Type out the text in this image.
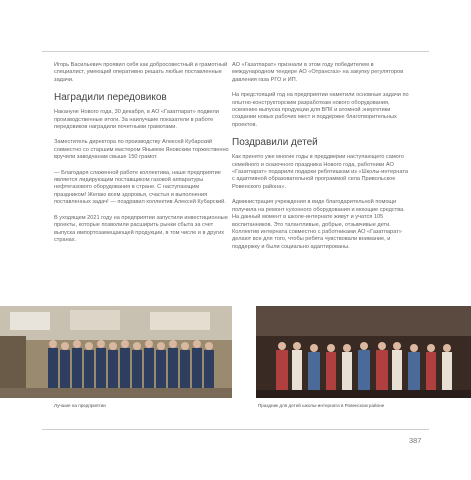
Игорь Васильевич проявил себя как добросовестный и грамотный специалист, умеющий оперативно решать любые поставленные задачи.

Наградили передовиков

Накануне Нового года, 30 декабря, в АО «Газатпарат» подвели производственные итоги. За наилучшие показатели в работе передовиков наградили почетными грамотами.

Заместитель директора по производству Алексей Кубарский совместно со старшим мастером Янымом Яновским торжественно вручили заводчанам свыше 150 грамот.

— Благодаря слаженной работе коллектива, наше предприятие является лидирующим поставщиком газовой аппаратуры нефтегазового оборудования в стране. С наступающим праздником! Желаю всем здоровья, счастья и выполнения поставленных задач! — поздравил коллектив Алексей Кубарский.

В уходящем 2021 году на предприятии запустили инвестиционные проекты, которые позволили расширить рынки сбыта за счет выпуска импортозамещающей продукции, в том числе и в других странах.

АО «Газатпарат» признали в этом году победителем в международном тендере АО «Отрансгаз» на закупку регуляторов давления газа РГО и ИП.

На предстоящий год на предприятии наметили основные задачи по опытно-конструкторским разработкам нового оборудования, освоению выпуска продукции для ВПК и атомной энергетики создании новых рабочих мест и поддержке благотворительных проектов.

Поздравили детей

Как принято уже многие годы в преддверии наступающего самого семейного и сказочного праздника Нового года, работники АО «Газатпарат» подарили подарки ребятишкам из «Школы-интерната с адаптивной образовательной программой села Привольское Ровенского района».

Администрация учреждения в виде благодарительной помощи получила на ремонт кухонного оборудования и моющие средства. На данный момент в школе-интернате живут и учатся 105 воспитанников. Это талантливые, добрые, отзывчивые дети. Коллектив интерната совместно с работниками АО «Газатпарат» делают все для того, чтобы ребята чувствовали внимание, и поддержку и были социально адаптированы.

Лучшие на предприятии	Праздник для детей школы-интерната в Ровенском районе
387
